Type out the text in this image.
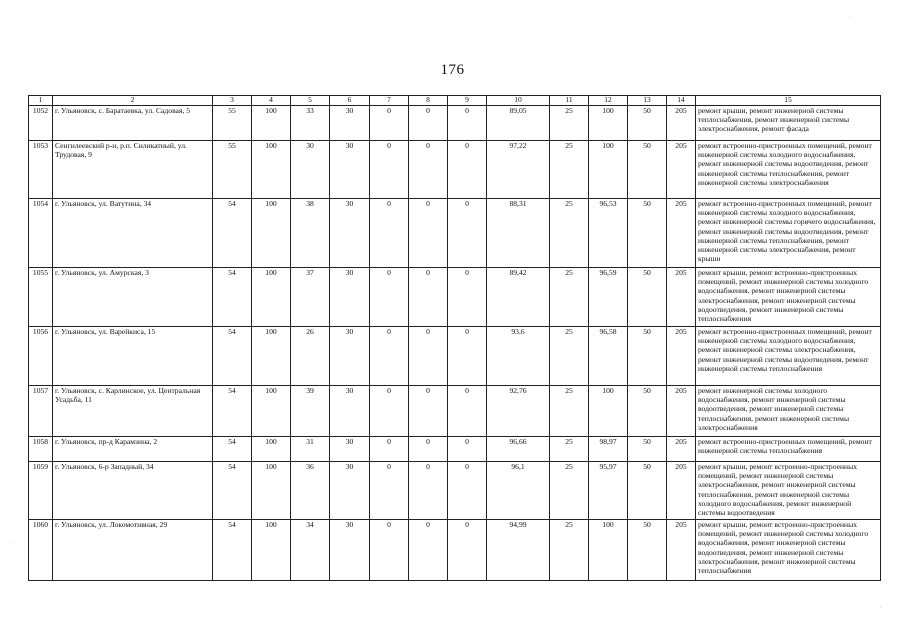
176
1	2	3	4	5	6	7	8	9	10	11	12	13	14	15
1052	г. Ульяновск, с. Баратаевка, ул. Садовая, 5	55	100	33	30	0	0	0	89,05	25	100	50	205	ремонт крыши, ремонт инженерной системы теплоснабжения, ремонт инженерной системы электроснабжения, ремонт фасада
1053	Сенгилеевский р-н, р.п. Силикатный, ул. Трудовая, 9	55	100	30	30	0	0	0	97,22	25	100	50	205	ремонт встроенно-пристроенных помещений, ремонт инженерной системы холодного водоснабжения, ремонт инженерной системы водоотведения, ремонт инженерной системы теплоснабжения, ремонт инженерной системы электроснабжения
1054	г. Ульяновск, ул. Ватутина, 34	54	100	38	30	0	0	0	88,31	25	96,53	50	205	ремонт встроенно-пристроенных помещений, ремонт инженерной системы холодного водоснабжения, ремонт инженерной системы горячего водоснабжения, ремонт инженерной системы водоотведения, ремонт инженерной системы теплоснабжения, ремонт инженерной системы электроснабжения, ремонт крыши
1055	г. Ульяновск, ул. Амурская, 3	54	100	37	30	0	0	0	89,42	25	96,59	50	205	ремонт крыши, ремонт встроенно-пристроенных помещений, ремонт инженерной системы холодного водоснабжения, ремонт инженерной системы электроснабжения, ремонт инженерной системы водоотведения, ремонт инженерной системы теплоснабжения
1056	г. Ульяновск, ул. Варейкиса, 15	54	100	26	30	0	0	0	93,6	25	96,58	50	205	ремонт встроенно-пристроенных помещений, ремонт инженерной системы холодного водоснабжения, ремонт инженерной системы электроснабжения, ремонт инженерной системы водоотведения, ремонт инженерной системы теплоснабжения
1057	г. Ульяновск, с. Карлинское, ул. Центральная Усадьба, 11	54	100	39	30	0	0	0	92,76	25	100	50	205	ремонт инженерной системы холодного водоснабжения, ремонт инженерной системы водоотведения, ремонт инженерной системы теплоснабжения, ремонт инженерной системы электроснабжения
1058	г. Ульяновск, пр-д Карамзина, 2	54	100	31	30	0	0	0	96,66	25	98,97	50	205	ремонт встроенно-пристроенных помещений, ремонт инженерной системы теплоснабжения
1059	г. Ульяновск, 6-р Западный, 34	54	100	36	30	0	0	0	96,1	25	95,97	50	205	ремонт крыши, ремонт встроенно-пристроенных помещений, ремонт инженерной системы электроснабжения, ремонт инженерной системы теплоснабжения, ремонт инженерной системы холодного водоснабжения, ремонт инженерной системы водоотведения
1060	г. Ульяновск, ул. Локомотивная, 29	54	100	34	30	0	0	0	94,99	25	100	50	205	ремонт крыши, ремонт встроенно-пристроенных помещений, ремонт инженерной системы холодного водоснабжения, ремонт инженерной системы водоотведения, ремонт инженерной системы электроснабжения, ремонт инженерной системы теплоснабжения
·
·
·
